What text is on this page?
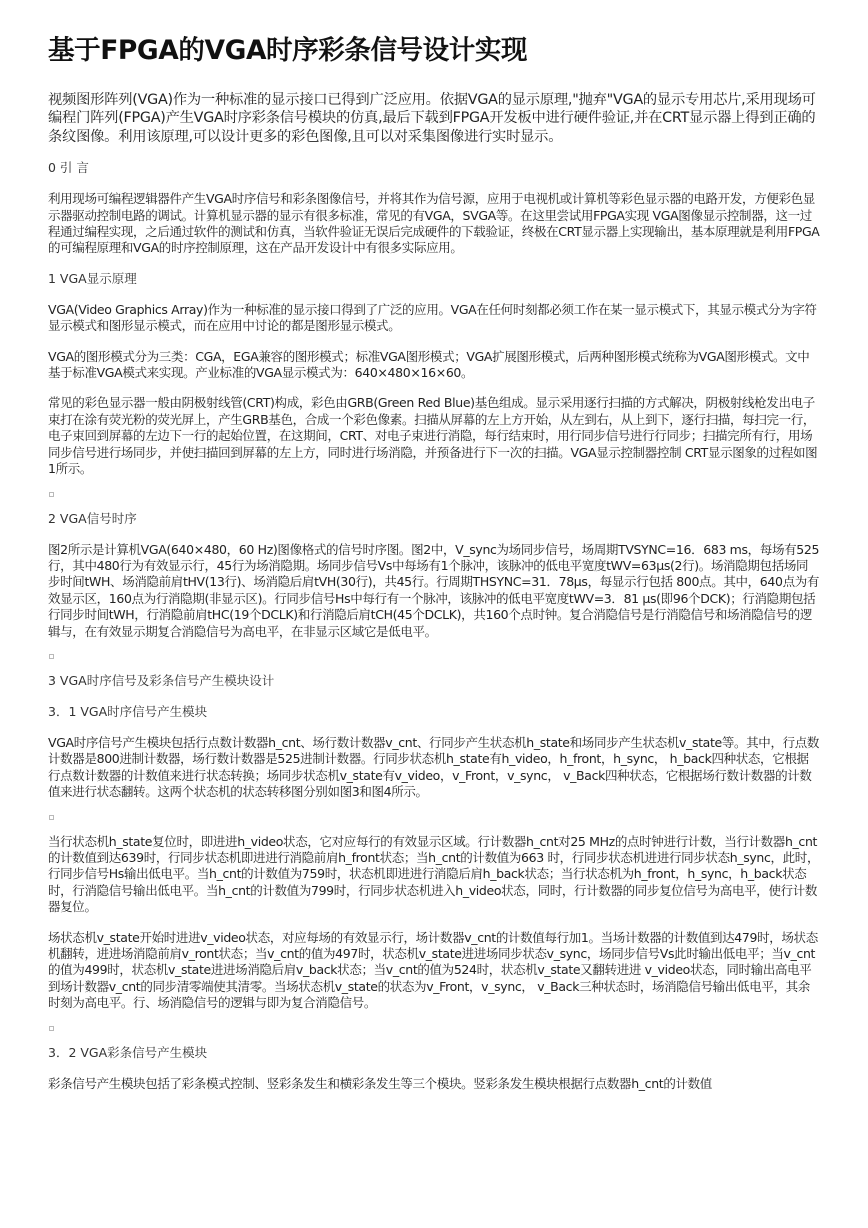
基于FPGA的VGA时序彩条信号设计实现

视频图形阵列(VGA)作为一种标准的显示接口已得到广泛应用。依据VGA的显示原理,"抛弃"VGA的显示专用芯片,采用现场可编程门阵列(FPGA)产生VGA时序彩条信号模块的仿真,最后下载到FPGA开发板中进行硬件验证,并在CRT显示器上得到正确的条纹图像。利用该原理,可以设计更多的彩色图像,且可以对采集图像进行实时显示。

0 引 言

利用现场可编程逻辑器件产生VGA时序信号和彩条图像信号，并将其作为信号源，应用于电视机或计算机等彩色显示器的电路开发，方便彩色显示器驱动控制电路的调试。计算机显示器的显示有很多标准，常见的有VGA，SVGA等。在这里尝试用FPGA实现 VGA图像显示控制器，这一过程通过编程实现，之后通过软件的测试和仿真，当软件验证无误后完成硬件的下载验证，终极在CRT显示器上实现输出，基本原理就是利用FPGA的可编程原理和VGA的时序控制原理，这在产品开发设计中有很多实际应用。

1 VGA显示原理

VGA(Video Graphics Array)作为一种标准的显示接口得到了广泛的应用。VGA在任何时刻都必须工作在某一显示模式下，其显示模式分为字符显示模式和图形显示模式，而在应用中讨论的都是图形显示模式。

VGA的图形模式分为三类：CGA，EGA兼容的图形模式；标准VGA图形模式；VGA扩展图形模式，后两种图形模式统称为VGA图形模式。文中基于标准VGA模式来实现。产业标准的VGA显示模式为：640×480×16×60。

常见的彩色显示器一般由阴极射线管(CRT)构成，彩色由GRB(Green Red Blue)基色组成。显示采用逐行扫描的方式解决，阴极射线枪发出电子束打在涂有荧光粉的荧光屏上，产生GRB基色，合成一个彩色像素。扫描从屏幕的左上方开始，从左到右，从上到下，逐行扫描，每扫完一行，电子束回到屏幕的左边下一行的起始位置，在这期间，CRT、对电子束进行消隐，每行结束时，用行同步信号进行行同步；扫描完所有行，用场同步信号进行场同步，并使扫描回到屏幕的左上方，同时进行场消隐，并预备进行下一次的扫描。VGA显示控制器控制 CRT显示图象的过程如图1所示。

2 VGA信号时序

图2所示是计算机VGA(640×480，60 Hz)图像格式的信号时序图。图2中，V_sync为场同步信号，场周期TVSYNC=16．683 ms，每场有525行，其中480行为有效显示行，45行为场消隐期。场同步信号Vs中每场有1个脉冲，该脉冲的低电平宽度tWV=63μs(2行)。场消隐期包括场同步时间tWH、场消隐前肩tHV(13行)、场消隐后肩tVH(30行)，共45行。行周期THSYNC=31．78μs，每显示行包括 800点。其中，640点为有效显示区，160点为行消隐期(非显示区)。行同步信号Hs中每行有一个脉冲，该脉冲的低电平宽度tWV=3．81 μs(即96个DCK)；行消隐期包括行同步时间tWH，行消隐前肩tHC(19个DCLK)和行消隐后肩tCH(45个DCLK)，共160个点时钟。复合消隐信号是行消隐信号和场消隐信号的逻辑与，在有效显示期复合消隐信号为高电平，在非显示区域它是低电平。

3 VGA时序信号及彩条信号产生模块设计
3．1 VGA时序信号产生模块

VGA时序信号产生模块包括行点数计数器h_cnt、场行数计数器v_cnt、行同步产生状态机h_state和场同步产生状态机v_state等。其中，行点数计数器是800进制计数器，场行数计数器是525进制计数器。行同步状态机h_state有h_video，h_front，h_sync， h_back四种状态，它根据行点数计数器的计数值来进行状态转换；场同步状态机v_state有v_video，v_Front，v_sync， v_Back四种状态，它根据场行数计数器的计数值来进行状态翻转。这两个状态机的状态转移图分别如图3和图4所示。

当行状态机h_state复位时，即进进h_video状态，它对应每行的有效显示区域。行计数器h_cnt对25 MHz的点时钟进行计数，当行计数器h_cnt的计数值到达639时，行同步状态机即进进行消隐前肩h_front状态；当h_cnt的计数值为663 时，行同步状态机进进行同步状态h_sync，此时，行同步信号Hs输出低电平。当h_cnt的计数值为759时，状态机即进进行消隐后肩h_back状态；当行状态机为h_front，h_sync，h_back状态时，行消隐信号输出低电平。当h_cnt的计数值为799时，行同步状态机进入h_video状态，同时，行计数器的同步复位信号为高电平，使行计数器复位。

场状态机v_state开始时进进v_video状态，对应每场的有效显示行，场计数器v_cnt的计数值每行加1。当场计数器的计数值到达479时，场状态机翻转，进进场消隐前肩v_ront状态；当v_cnt的值为497时，状态机v_state进进场同步状态v_sync，场同步信号Vs此时输出低电平；当v_cnt的值为499时，状态机v_state进进场消隐后肩v_back状态；当v_cnt的值为524时，状态机v_state又翻转进进 v_video状态，同时输出高电平到场计数器v_cnt的同步清零端使其清零。当场状态机v_state的状态为v_Front，v_sync， v_Back三种状态时，场消隐信号输出低电平，其余时刻为高电平。行、场消隐信号的逻辑与即为复合消隐信号。

3．2 VGA彩条信号产生模块

彩条信号产生模块包括了彩条模式控制、竖彩条发生和横彩条发生等三个模块。竖彩条发生模块根据行点数器h_cnt的计数值
